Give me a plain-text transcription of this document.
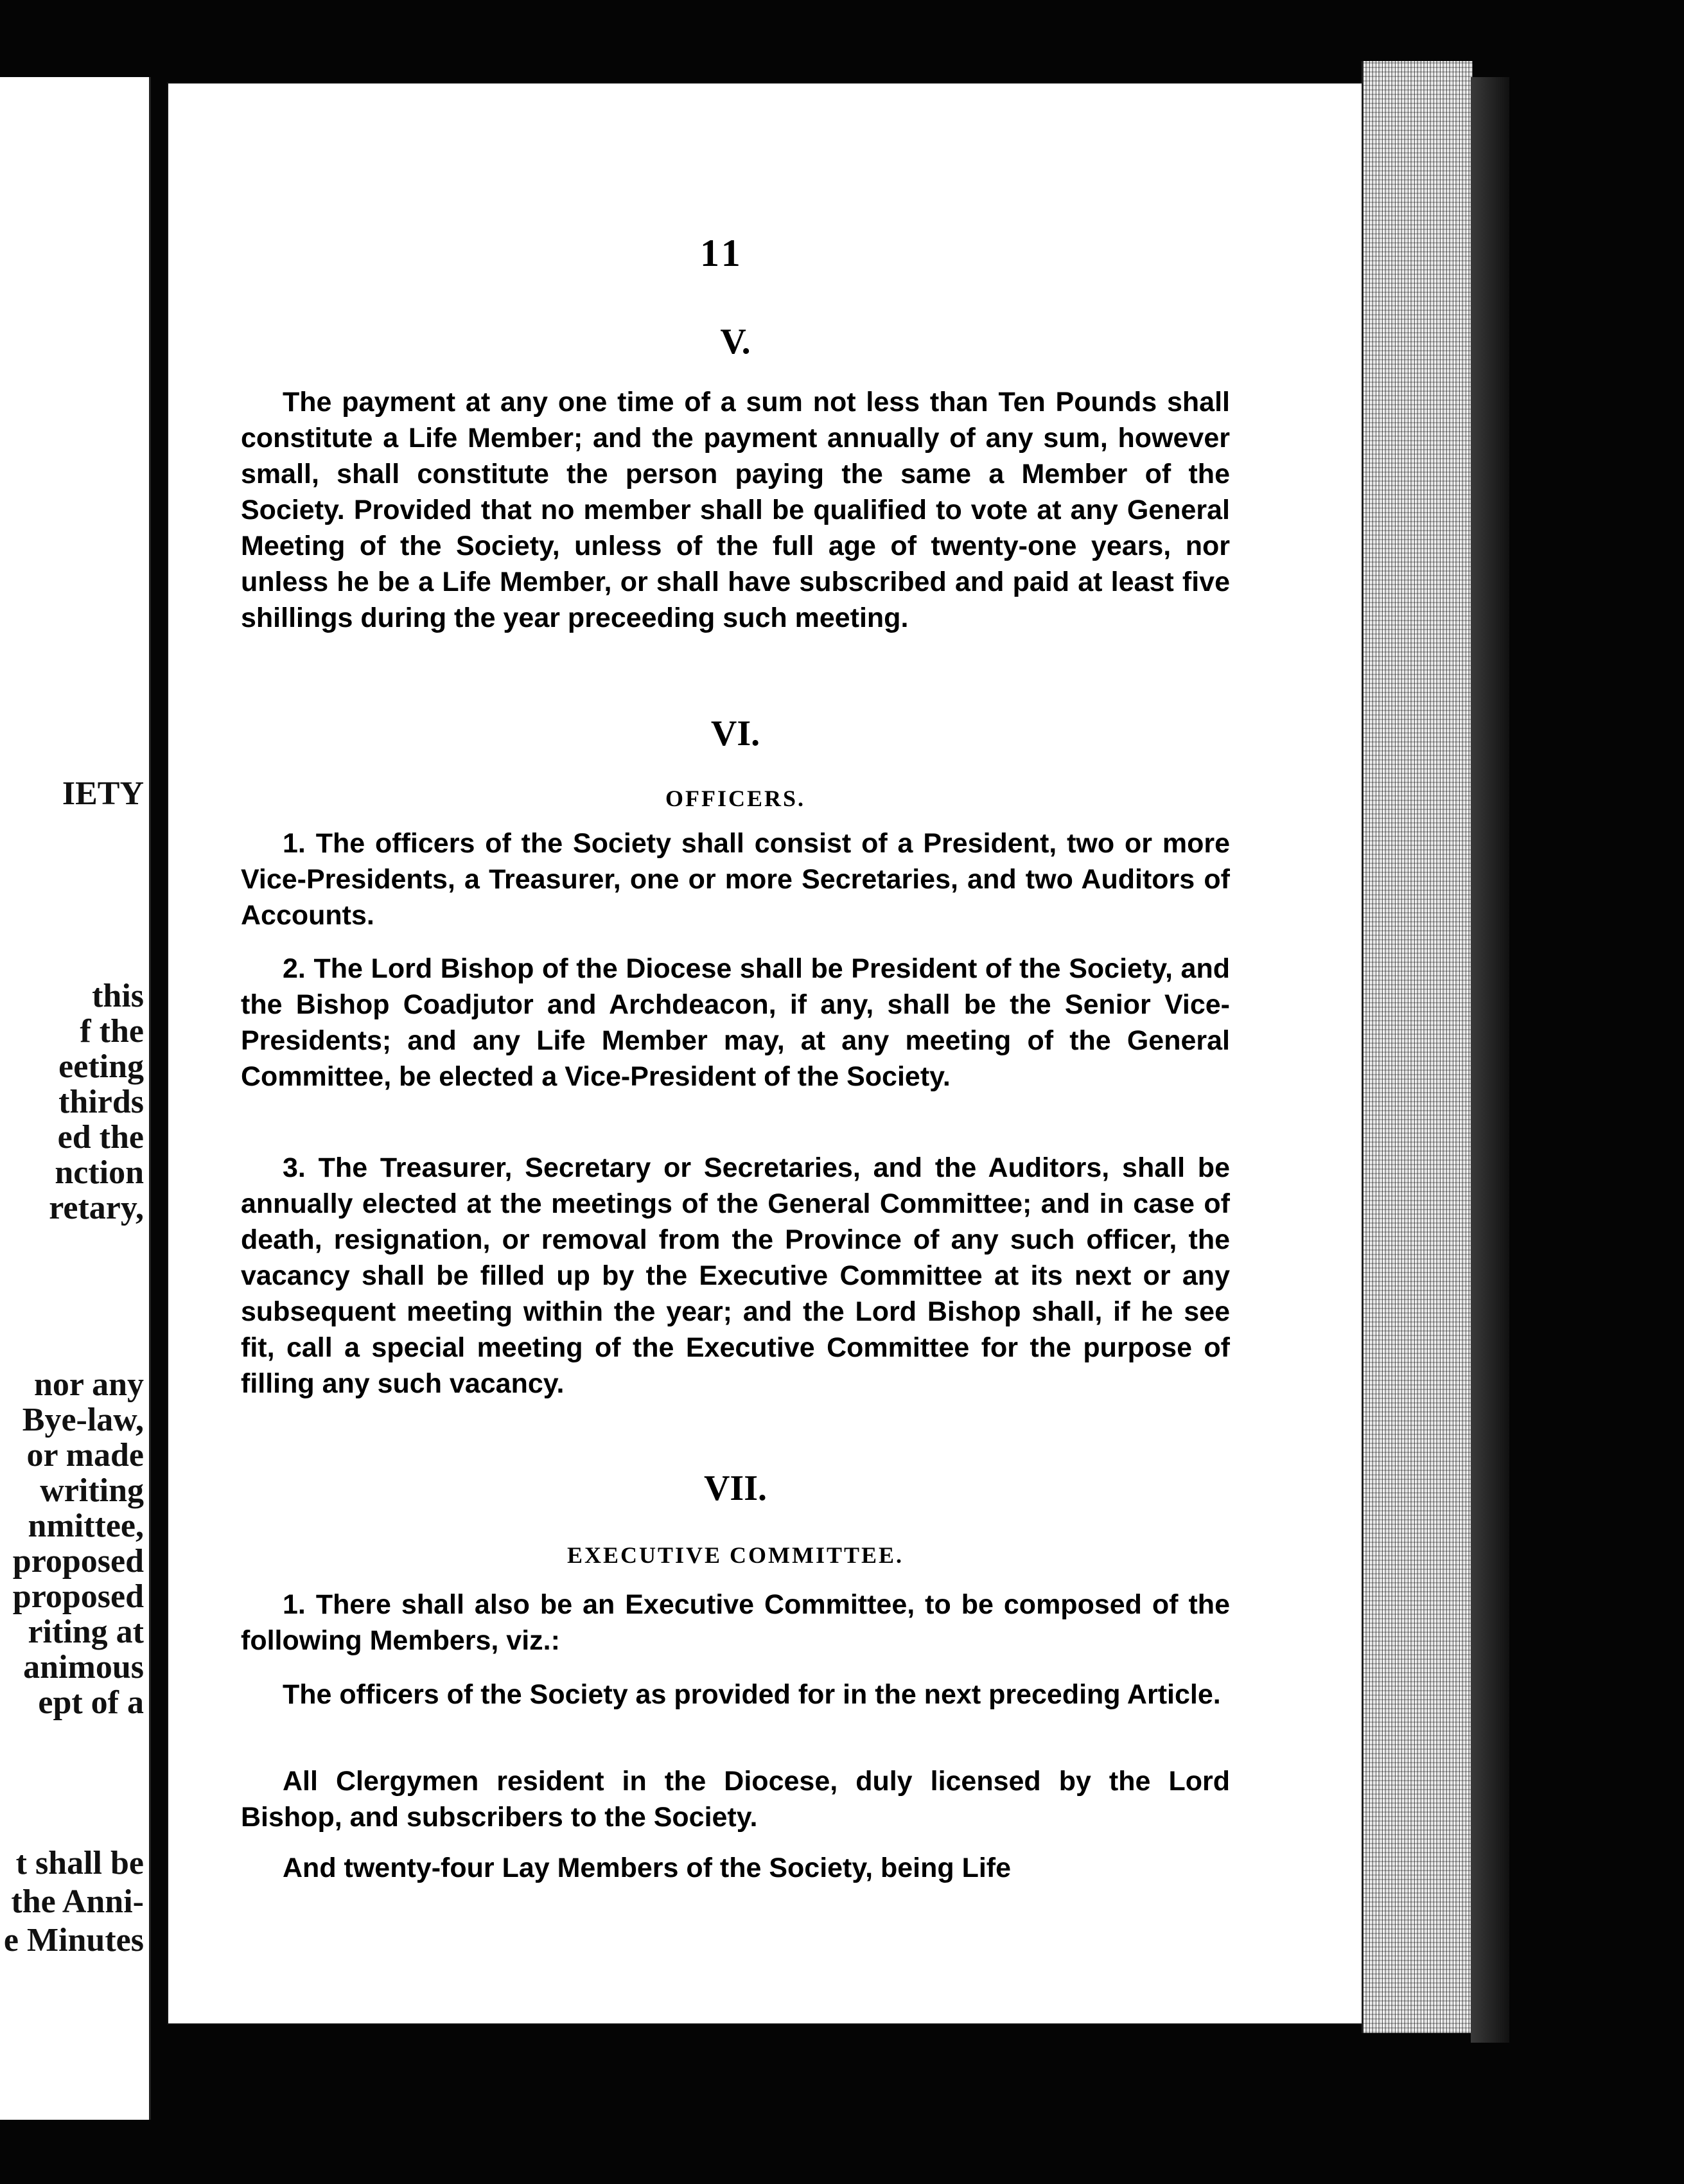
IETY
this
f the
eeting
thirds
ed the
nction
retary,
nor any
Bye-law,
or made
writing
nmittee,
proposed
proposed
riting at
animous
ept of a
t shall be
the Anni-
e Minutes
11
V.

The payment at any one time of a sum not less than Ten Pounds shall constitute a Life Member; and the payment annually of any sum, however small, shall constitute the person paying the same a Member of the Society. Provided that no member shall be qualified to vote at any General Meeting of the Society, unless of the full age of twenty-one years, nor unless he be a Life Member, or shall have subscribed and paid at least five shillings during the year preceeding such meeting.

VI.
OFFICERS.

1. The officers of the Society shall consist of a President, two or more Vice-Presidents, a Treasurer, one or more Secretaries, and two Auditors of Accounts.

2. The Lord Bishop of the Diocese shall be President of the Society, and the Bishop Coadjutor and Archdeacon, if any, shall be the Senior Vice-Presidents; and any Life Member may, at any meeting of the General Committee, be elected a Vice-President of the Society.

3. The Treasurer, Secretary or Secretaries, and the Auditors, shall be annually elected at the meetings of the General Committee; and in case of death, resignation, or removal from the Province of any such officer, the vacancy shall be filled up by the Executive Committee at its next or any subsequent meeting within the year; and the Lord Bishop shall, if he see fit, call a special meeting of the Executive Committee for the purpose of filling any such vacancy.

VII.
EXECUTIVE COMMITTEE.

1. There shall also be an Executive Committee, to be composed of the following Members, viz.:

The officers of the Society as provided for in the next preceding Article.

All Clergymen resident in the Diocese, duly licensed by the Lord Bishop, and subscribers to the Society.

And twenty-four Lay Members of the Society, being Life
